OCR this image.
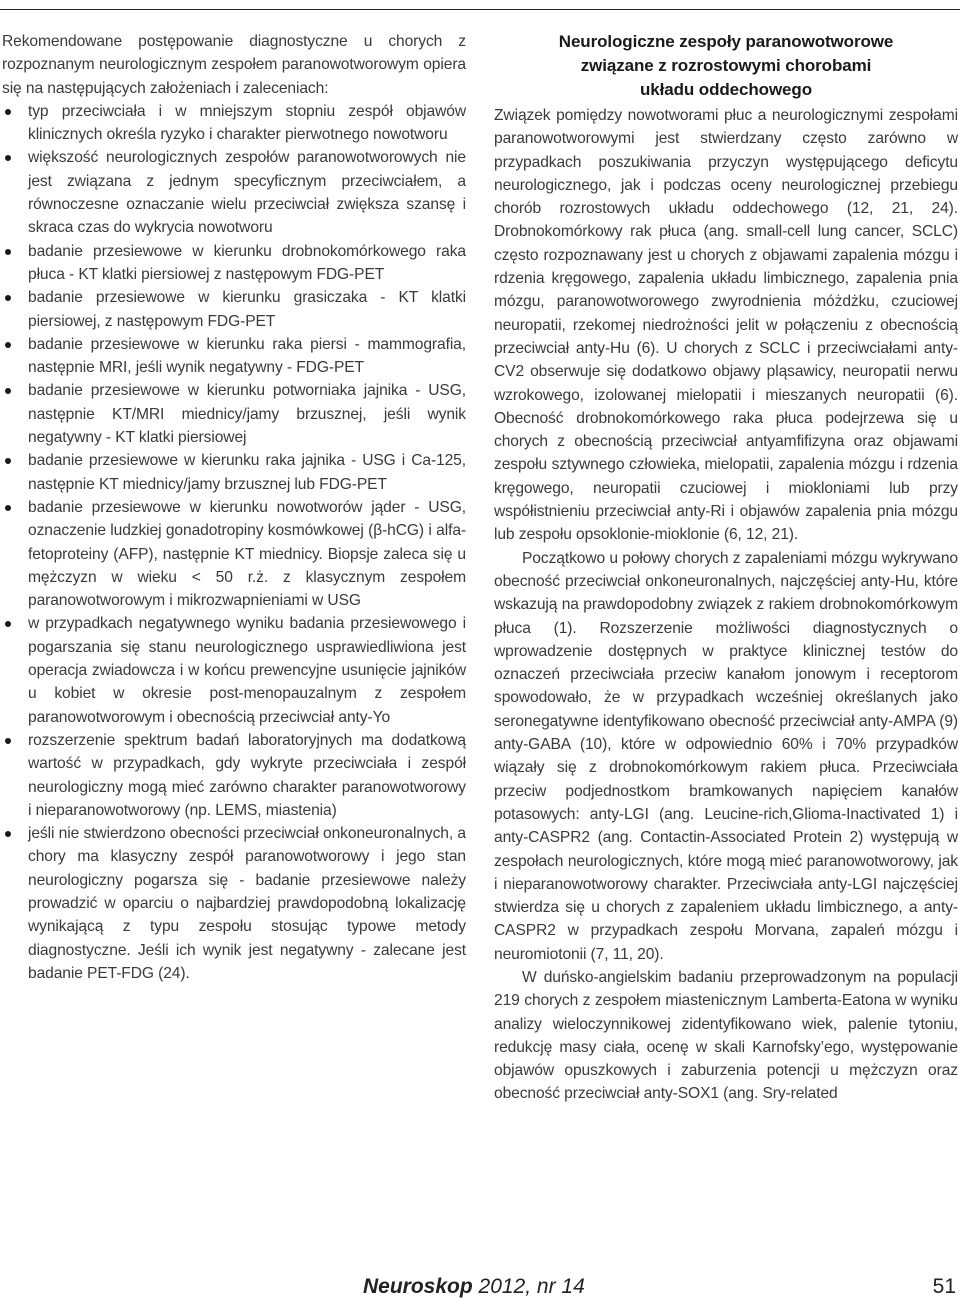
Rekomendowane postępowanie diagnostyczne u chorych z rozpoznanym neurologicznym zespołem paranowotworowym opiera się na następujących założeniach i zaleceniach:

typ przeciwciała i w mniejszym stopniu zespół objawów klinicznych określa ryzyko i charakter pierwotnego nowotworu
większość neurologicznych zespołów paranowotworowych nie jest związana z jednym specyficznym przeciwciałem, a równoczesne oznaczanie wielu przeciwciał zwiększa szansę i skraca czas do wykrycia nowotworu
badanie przesiewowe w kierunku drobnokomórkowego raka płuca - KT klatki piersiowej z następowym FDG-PET
badanie przesiewowe w kierunku grasiczaka - KT klatki piersiowej, z następowym FDG-PET
badanie przesiewowe w kierunku raka piersi - mammografia, następnie MRI, jeśli wynik negatywny - FDG-PET
badanie przesiewowe w kierunku potworniaka jajnika - USG, następnie KT/MRI miednicy/jamy brzusznej, jeśli wynik negatywny - KT klatki piersiowej
badanie przesiewowe w kierunku raka jajnika - USG i Ca-125, następnie KT miednicy/jamy brzusznej lub FDG-PET
badanie przesiewowe w kierunku nowotworów jąder - USG, oznaczenie ludzkiej gonadotropiny kosmówkowej (β-hCG) i alfa-fetoproteiny (AFP), następnie KT miednicy. Biopsje zaleca się u mężczyzn w wieku < 50 r.ż. z klasycznym zespołem paranowotworowym i mikrozwapnieniami w USG
w przypadkach negatywnego wyniku badania przesiewowego i pogarszania się stanu neurologicznego usprawiedliwiona jest operacja zwiadowcza i w końcu prewencyjne usunięcie jajników u kobiet w okresie post-menopauzalnym z zespołem paranowotworowym i obecnością przeciwciał anty-Yo
rozszerzenie spektrum badań laboratoryjnych ma dodatkową wartość w przypadkach, gdy wykryte przeciwciała i zespół neurologiczny mogą mieć zarówno charakter paranowotworowy i nieparanowotworowy (np. LEMS, miastenia)
jeśli nie stwierdzono obecności przeciwciał onkoneuronalnych, a chory ma klasyczny zespół paranowotworowy i jego stan neurologiczny pogarsza się - badanie przesiewowe należy prowadzić w oparciu o najbardziej prawdopodobną lokalizację wynikającą z typu zespołu stosując typowe metody diagnostyczne. Jeśli ich wynik jest negatywny - zalecane jest badanie PET-FDG (24).
Neurologiczne zespoły paranowotworowe
związane z rozrostowymi chorobami
układu oddechowego

Związek pomiędzy nowotworami płuc a neurologicznymi zespołami paranowotworowymi jest stwierdzany często zarówno w przypadkach poszukiwania przyczyn występującego deficytu neurologicznego, jak i podczas oceny neurologicznej przebiegu chorób rozrostowych układu oddechowego (12, 21, 24). Drobnokomórkowy rak płuca (ang. small-cell lung cancer, SCLC) często rozpoznawany jest u chorych z objawami zapalenia mózgu i rdzenia kręgowego, zapalenia układu limbicznego, zapalenia pnia mózgu, paranowotworowego zwyrodnienia móżdżku, czuciowej neuropatii, rzekomej niedrożności jelit w połączeniu z obecnością przeciwciał anty-Hu (6). U chorych z SCLC i przeciwciałami anty-CV2 obserwuje się dodatkowo objawy pląsawicy, neuropatii nerwu wzrokowego, izolowanej mielopatii i mieszanych neuropatii (6). Obecność drobnokomórkowego raka płuca podejrzewa się u chorych z obecnością przeciwciał antyamfifizyna oraz objawami zespołu sztywnego człowieka, mielopatii, zapalenia mózgu i rdzenia kręgowego, neuropatii czuciowej i miokloniami lub przy współistnieniu przeciwciał anty-Ri i objawów zapalenia pnia mózgu lub zespołu opsoklonie-mioklonie (6, 12, 21).

Początkowo u połowy chorych z zapaleniami mózgu wykrywano obecność przeciwciał onkoneuronalnych, najczęściej anty-Hu, które wskazują na prawdopodobny związek z rakiem drobnokomórkowym płuca (1). Rozszerzenie możliwości diagnostycznych o wprowadzenie dostępnych w praktyce klinicznej testów do oznaczeń przeciwciała przeciw kanałom jonowym i receptorom spowodowało, że w przypadkach wcześniej określanych jako seronegatywne identyfikowano obecność przeciwciał anty-AMPA (9) anty-GABA (10), które w odpowiednio 60% i 70% przypadków wiązały się z drobnokomórkowym rakiem płuca. Przeciwciała przeciw podjednostkom bramkowanych napięciem kanałów potasowych: anty-LGI (ang. Leucine-rich,Glioma-Inactivated 1) i anty-CASPR2 (ang. Contactin-Associated Protein 2) występują w zespołach neurologicznych, które mogą mieć paranowotworowy, jak i nieparanowotworowy charakter. Przeciwciała anty-LGI najczęściej stwierdza się u chorych z zapaleniem układu limbicznego, a anty-CASPR2 w przypadkach zespołu Morvana, zapaleń mózgu i neuromiotonii (7, 11, 20).

W duńsko-angielskim badaniu przeprowadzonym na populacji 219 chorych z zespołem miastenicznym Lamberta-Eatona w wyniku analizy wieloczynnikowej zidentyfikowano wiek, palenie tytoniu, redukcję masy ciała, ocenę w skali Karnofsky’ego, występowanie objawów opuszkowych i zaburzenia potencji u mężczyzn oraz obecność przeciwciał anty-SOX1 (ang. Sry-related

Neuroskop 2012, nr 14	51
